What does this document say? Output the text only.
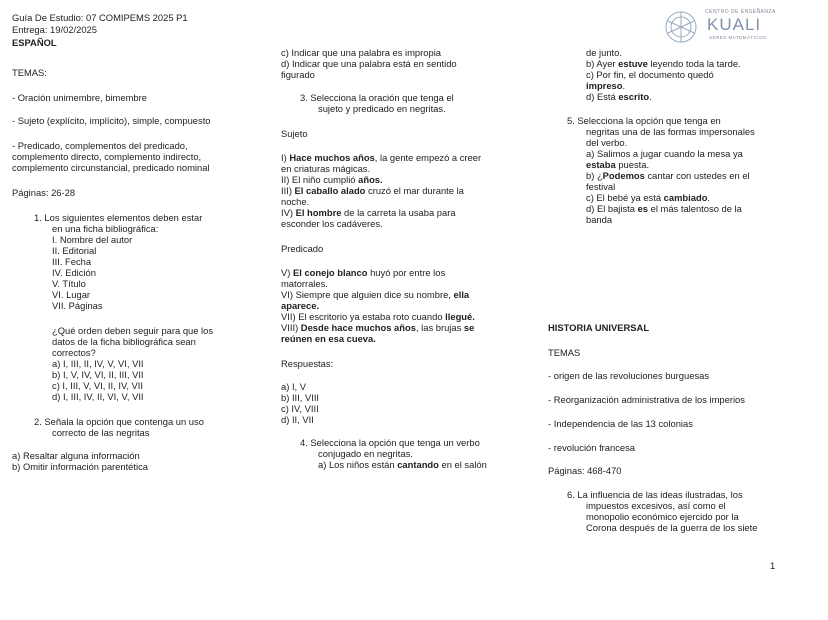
Guía De Estudio: 07 COMIPEMS 2025 P1
Entrega: 19/02/2025
CENTRO DE ENSEÑANZA
KUALI
SERES MATEMÁTICOS
ESPAÑOL
TEMAS:
- Oración unimembre, bimembre
- Sujeto (explícito, implícito), simple, compuesto
- Predicado, complementos del predicado,
complemento directo, complemento indirecto,
complemento circunstancial, predicado nominal
Páginas: 26-28
1. Los siguientes elementos deben estar
en una ficha bibliográfica:
I. Nombre del autor
II. Editorial
III. Fecha
IV. Edición
V. Título
VI. Lugar
VII. Páginas
¿Qué orden deben seguir para que los
datos de la ficha bibliográfica sean
correctos?
a) I, III, II, IV, V, VI, VII
b) I, V, IV, VI, II, III, VII
c) I, III, V, VI, II, IV, VII
d) I, III, IV, II, VI, V, VII
2. Señala la opción que contenga un uso
correcto de las negritas
a) Resaltar alguna información
b) Omitir información parentética
c) Indicar que una palabra es impropia
d) Indicar que una palabra está en sentido
figurado
3. Selecciona la oración que tenga el
sujeto y predicado en negritas.
Sujeto
I) Hace muchos años, la gente empezó a creer
en criaturas mágicas.
II) El niño cumplió años.
III) El caballo alado cruzó el mar durante la
noche.
IV) El hombre de la carreta la usaba para
esconder los cadáveres.
Predicado
V) El conejo blanco huyó por entre los
matorrales.
VI) Siempre que alguien dice su nombre, ella
aparece.
VII) El escritorio ya estaba roto cuando llegué.
VIII) Desde hace muchos años, las brujas se
reúnen en esa cueva.
Respuestas:
a) I, V
b) III, VIII
c) IV, VIII
d) II, VII
4. Selecciona la opción que tenga un verbo
conjugado en negritas.
a) Los niños están cantando en el salón
de junto.
b) Ayer estuve leyendo toda la tarde.
c) Por fin, el documento quedó
impreso.
d) Está escrito.
5. Selecciona la opción que tenga en
negritas una de las formas impersonales
del verbo.
a) Salimos a jugar cuando la mesa ya
estaba puesta.
b) ¿Podemos cantar con ustedes en el
festival
c) El bebé ya está cambiado.
d) El bajista es el más talentoso de la
banda
HISTORIA UNIVERSAL
TEMAS
- origen de las revoluciones burguesas
- Reorganización administrativa de los imperios
- Independencia de las 13 colonias
- revolución francesa
Páginas: 468-470
6. La influencia de las ideas ilustradas, los
impuestos excesivos, así como el
monopolio económico ejercido por la
Corona después de la guerra de los siete
1
